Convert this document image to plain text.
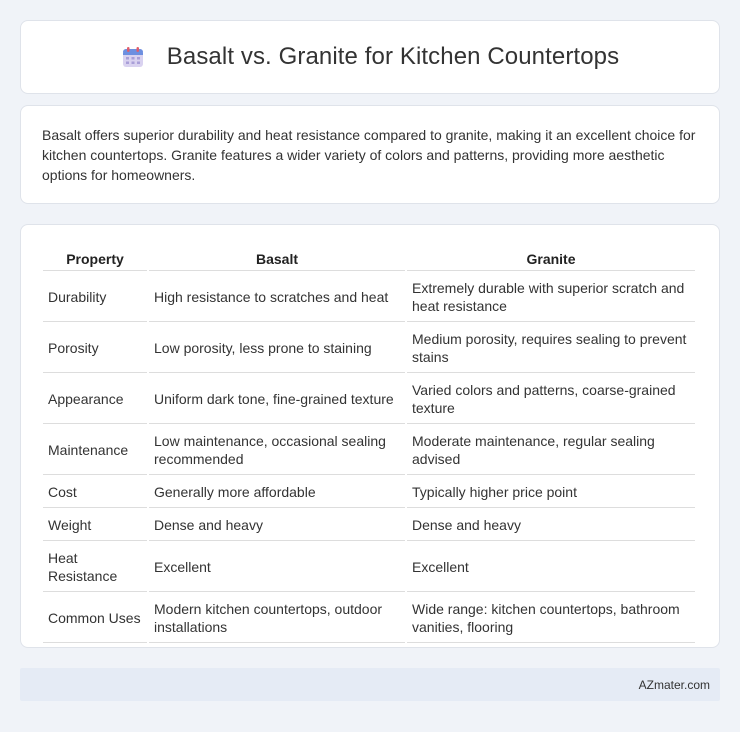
Basalt vs. Granite for Kitchen Countertops

Basalt offers superior durability and heat resistance compared to granite, making it an excellent choice for kitchen countertops. Granite features a wider variety of colors and patterns, providing more aesthetic options for homeowners.

Property	Basalt	Granite
Durability	High resistance to scratches and heat	Extremely durable with superior scratch and heat resistance
Porosity	Low porosity, less prone to staining	Medium porosity, requires sealing to prevent stains
Appearance	Uniform dark tone, fine-grained texture	Varied colors and patterns, coarse-grained texture
Maintenance	Low maintenance, occasional sealing recommended	Moderate maintenance, regular sealing advised
Cost	Generally more affordable	Typically higher price point
Weight	Dense and heavy	Dense and heavy
Heat Resistance	Excellent	Excellent
Common Uses	Modern kitchen countertops, outdoor installations	Wide range: kitchen countertops, bathroom vanities, flooring
AZmater.com
